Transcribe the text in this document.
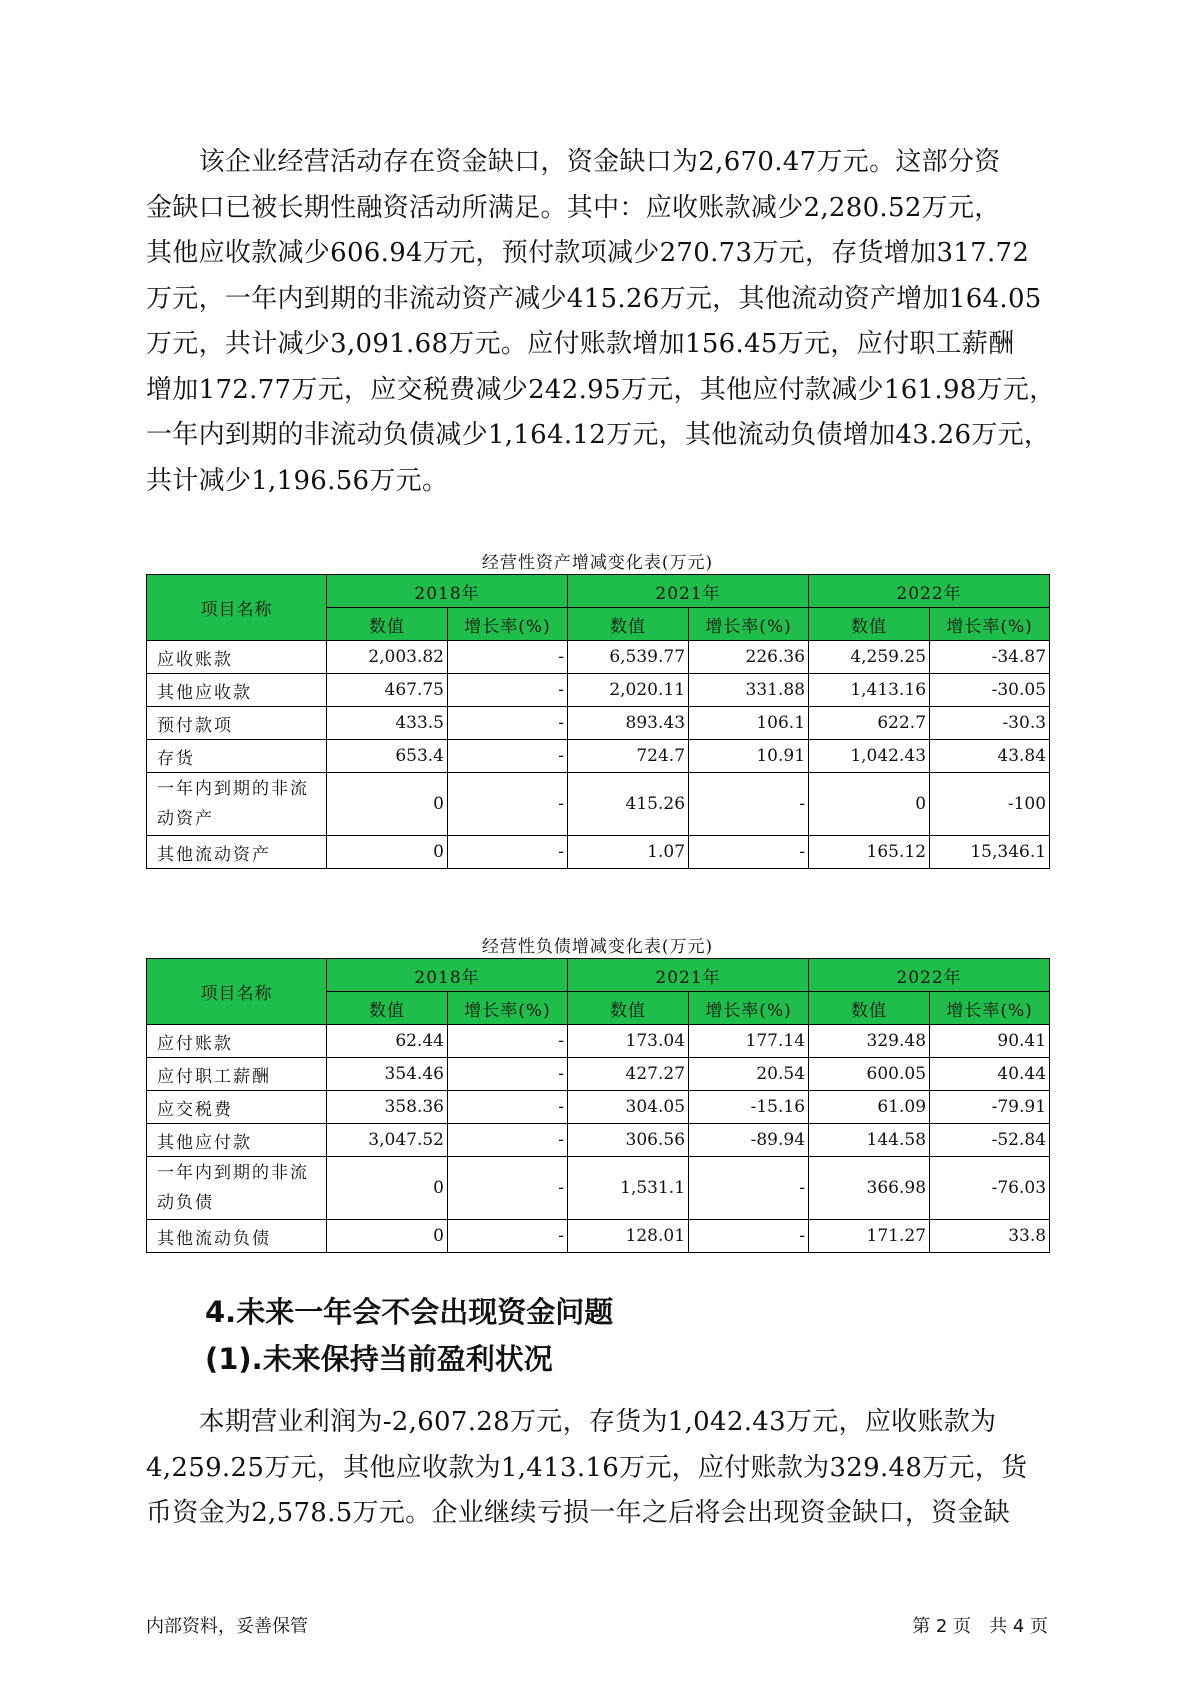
　　该企业经营活动存在资金缺口，资金缺口为2,670.47万元。这部分资
金缺口已被长期性融资活动所满足。其中：应收账款减少2,280.52万元，
其他应收款减少606.94万元，预付款项减少270.73万元，存货增加317.72
万元，一年内到期的非流动资产减少415.26万元，其他流动资产增加164.05
万元，共计减少3,091.68万元。应付账款增加156.45万元，应付职工薪酬
增加172.77万元，应交税费减少242.95万元，其他应付款减少161.98万元，
一年内到期的非流动负债减少1,164.12万元，其他流动负债增加43.26万元，
共计减少1,196.56万元。
经营性资产增减变化表(万元)
项目名称	2018年		2021年		2022年	
	数值	增长率(%)	数值	增长率(%)	数值	增长率(%)
应收账款	2,003.82	-	6,539.77	226.36	4,259.25	-34.87
其他应收款	467.75	-	2,020.11	331.88	1,413.16	-30.05
预付款项	433.5	-	893.43	106.1	622.7	-30.3
存货	653.4	-	724.7	10.91	1,042.43	43.84
一年内到期的非流
动资产	0	-	415.26	-	0	-100
其他流动资产	0	-	1.07	-	165.12	15,346.1
经营性负债增减变化表(万元)
项目名称	2018年		2021年		2022年	
	数值	增长率(%)	数值	增长率(%)	数值	增长率(%)
应付账款	62.44	-	173.04	177.14	329.48	90.41
应付职工薪酬	354.46	-	427.27	20.54	600.05	40.44
应交税费	358.36	-	304.05	-15.16	61.09	-79.91
其他应付款	3,047.52	-	306.56	-89.94	144.58	-52.84
一年内到期的非流
动负债	0	-	1,531.1	-	366.98	-76.03
其他流动负债	0	-	128.01	-	171.27	33.8
4.未来一年会不会出现资金问题
(1).未来保持当前盈利状况
　　本期营业利润为-2,607.28万元，存货为1,042.43万元，应收账款为
4,259.25万元，其他应收款为1,413.16万元，应付账款为329.48万元，货
币资金为2,578.5万元。企业继续亏损一年之后将会出现资金缺口，资金缺
内部资料，妥善保管	第 2 页　共 4 页
